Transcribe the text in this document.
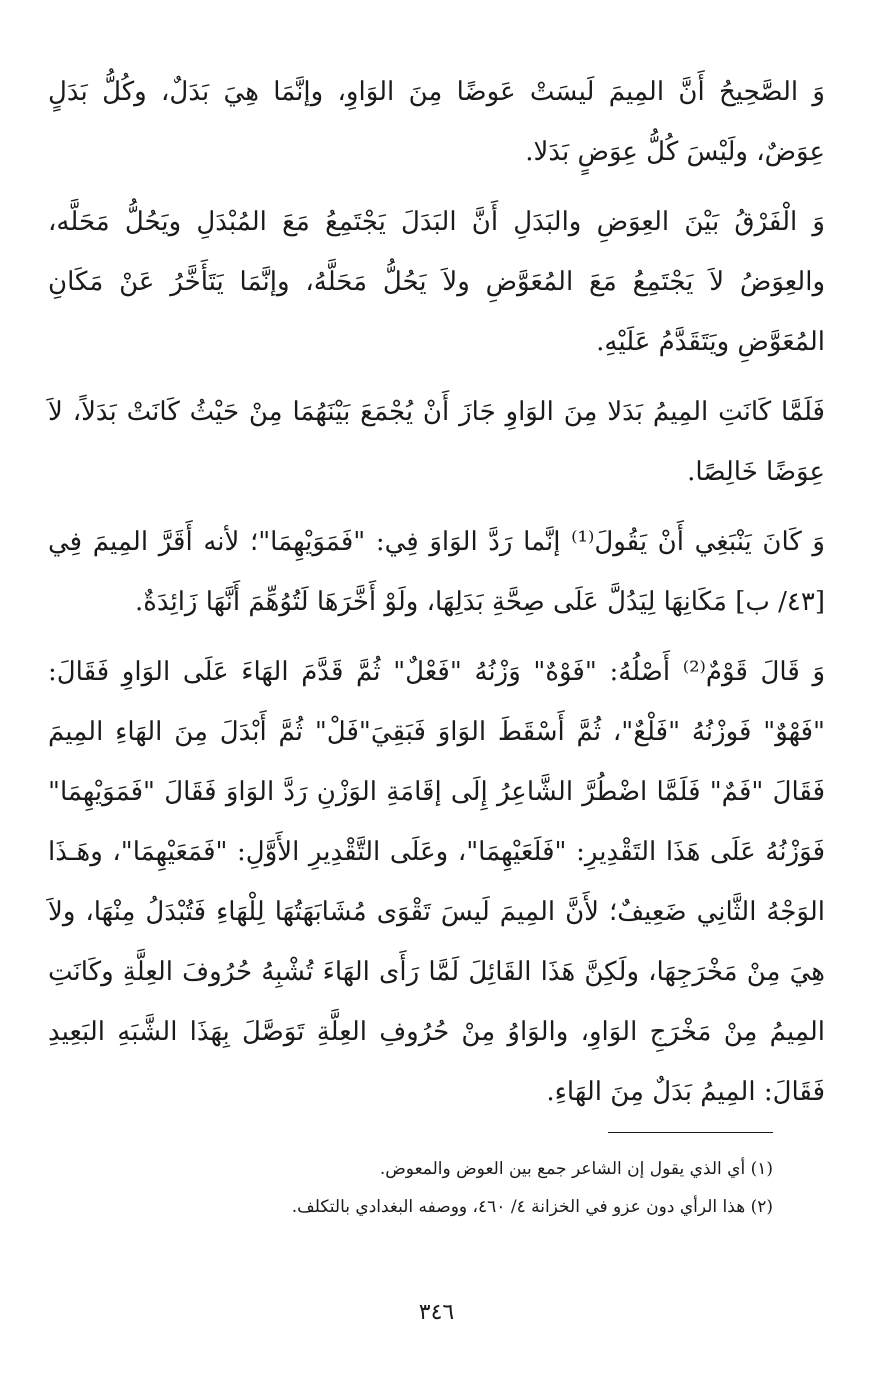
وَ الصَّحِيحُ أَنَّ المِيمَ لَيسَتْ عَوضًا مِنَ الوَاوِ، وإنَّمَا هِيَ بَدَلٌ، وكُلُّ بَدَلٍ عِوَضٌ، ولَيْسَ كُلُّ عِوَضٍ بَدَلا.

وَ الْفَرْقُ بَيْنَ العِوَضِ والبَدَلِ أَنَّ البَدَلَ يَجْتَمِعُ مَعَ المُبْدَلِ ويَحُلُّ مَحَلَّه، والعِوَضُ لاَ يَجْتَمِعُ مَعَ المُعَوَّضِ ولاَ يَحُلُّ مَحَلَّهُ، وإنَّمَا يَتَأَخَّرُ عَنْ مَكَانِ المُعَوَّضِ ويَتَقَدَّمُ عَلَيْهِ.

فَلَمَّا كَانَتِ المِيمُ بَدَلا مِنَ الوَاوِ جَازَ أَنْ يُجْمَعَ بَيْنَهُمَا مِنْ حَيْثُ كَانَتْ بَدَلاً، لاَ عِوَضًا خَالِصًا.

وَ كَانَ يَنْبَغِي أَنْ يَقُولَ⁽¹⁾ إنَّما رَدَّ الوَاوَ فِي: "فَمَوَيْهِمَا"؛ لأنه أَقَرَّ المِيمَ فِي [٤٣/ ب] مَكَانِهَا لِيَدُلَّ عَلَى صِحَّةِ بَدَلِهَا، ولَوْ أَخَّرَهَا لَتُوُهِّمَ أَنَّهَا زَائِدَةٌ.

وَ قَالَ قَوْمٌ⁽²⁾ أَصْلُهُ: "فَوْهٌ" وَزْنُهُ "فَعْلٌ" ثُمَّ قَدَّمَ الهَاءَ عَلَى الوَاوِ فَقَالَ: "فَهْوٌ" فَوزْنُهُ "فَلْعٌ"، ثُمَّ أَسْقَطَ الوَاوَ فَبَقِيَ"فَلْ" ثُمَّ أَبْدَلَ مِنَ الهَاءِ المِيمَ فَقَالَ "فَمٌ" فَلَمَّا اضْطُرَّ الشَّاعِرُ إِلَى إقَامَةِ الوَزْنِ رَدَّ الوَاوَ فَقَالَ "فَمَوَيْهِمَا" فَوَزْنُهُ عَلَى هَذَا التَقْدِيرِ: "فَلَعَيْهِمَا"، وعَلَى التَّقْدِيرِ الأَوَّلِ: "فَمَعَيْهِمَا"، وهَـذَا الوَجْهُ الثَّانِي ضَعِيفٌ؛ لأَنَّ المِيمَ لَيسَ تَقْوَى مُشَابَهَتُهَا لِلْهَاءِ فَتُبْدَلُ مِنْهَا، ولاَ هِيَ مِنْ مَخْرَجِهَا، ولَكِنَّ هَذَا القَائِلَ لَمَّا رَأَى الهَاءَ تُشْبِهُ حُرُوفَ العِلَّةِ وكَانَتِ المِيمُ مِنْ مَخْرَجِ الوَاوِ، والوَاوُ مِنْ حُرُوفِ العِلَّةِ تَوَصَّلَ بِهَذَا الشَّبَهِ البَعِيدِ فَقَالَ: المِيمُ بَدَلٌ مِنَ الهَاءِ.

(١) أي الذي يقول إن الشاعر جمع بين العوض والمعوض.

(٢) هذا الرأي دون عزو في الخزانة ٤/ ٤٦٠، ووصفه البغدادي بالتكلف.

٣٤٦
